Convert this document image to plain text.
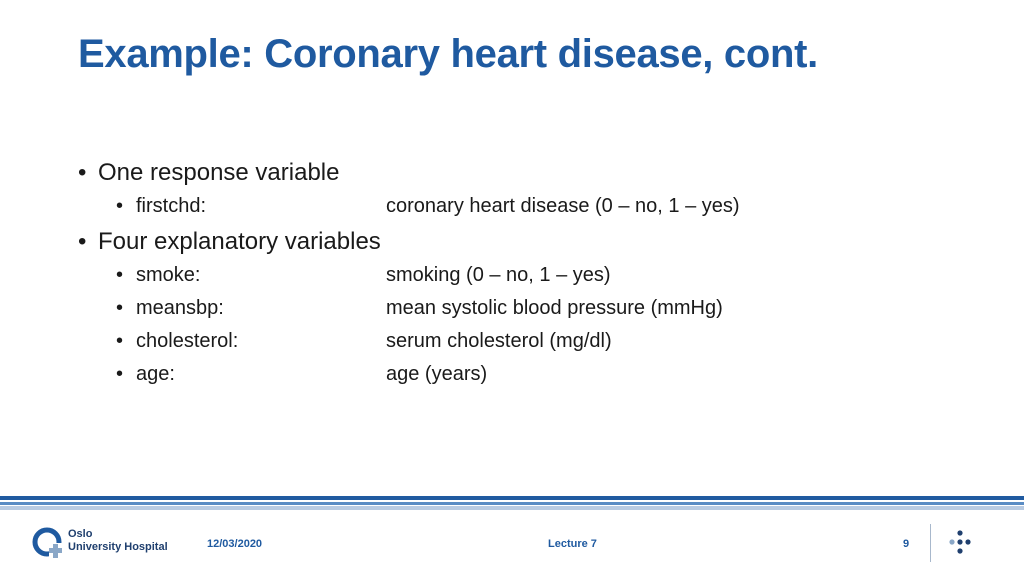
Example: Coronary heart disease, cont.
• One response variable
• firstchd:	coronary heart disease (0 – no, 1 – yes)
• Four explanatory variables
• smoke:	smoking (0 – no, 1 – yes)
• meansbp:	mean systolic blood pressure (mmHg)
• cholesterol:	serum cholesterol (mg/dl)
• age:	age (years)
Oslo
University Hospital	12/03/2020	Lecture 7	9
